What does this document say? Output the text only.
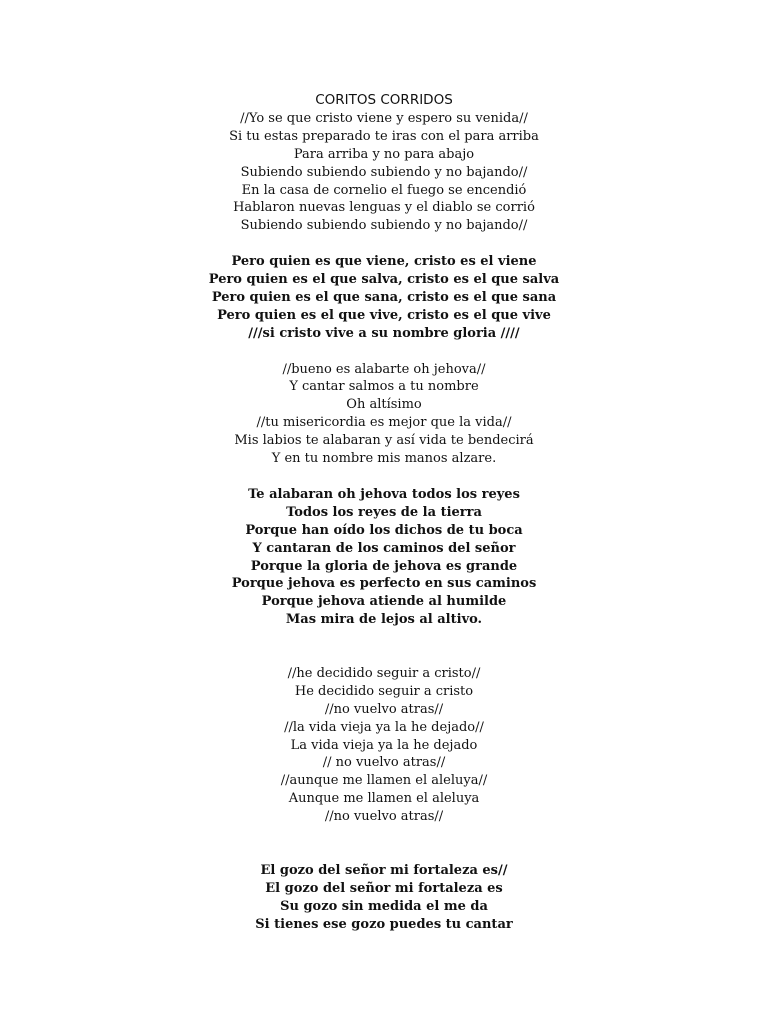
CORITOS CORRIDOS
//Yo se que cristo viene y espero su venida//
Si tu estas preparado te iras con el para arriba
Para arriba y no para abajo
Subiendo subiendo subiendo y no bajando//
En la casa de cornelio el fuego se encendió
Hablaron nuevas lenguas y el diablo se corrió
Subiendo subiendo subiendo y no bajando//
Pero quien es que viene, cristo es el viene
Pero quien es el que salva, cristo es el que salva
Pero quien es el que sana, cristo es el que sana
Pero quien es el que vive, cristo es el que vive
///si cristo vive a su nombre gloria ////
//bueno es alabarte oh jehova//
Y cantar salmos a tu nombre
Oh altísimo
//tu misericordia es mejor que la vida//
Mis labios te alabaran y así vida te bendecirá
Y en tu nombre mis manos alzare.
Te alabaran oh jehova todos los reyes
Todos los reyes de la tierra
Porque han oído los dichos de tu boca
Y cantaran de los caminos del señor
Porque la gloria de jehova es grande
Porque jehova es perfecto en sus caminos
Porque jehova atiende al humilde
Mas mira de lejos al altivo.
//he decidido seguir a cristo//
He decidido seguir a cristo
//no vuelvo atras//
//la vida vieja ya la he dejado//
La vida vieja ya la he dejado
// no vuelvo atras//
//aunque me llamen el aleluya//
Aunque me llamen el aleluya
//no vuelvo atras//
El gozo del señor mi fortaleza es//
El gozo del señor mi fortaleza es
Su gozo sin medida el me da
Si tienes ese gozo puedes tu cantar
